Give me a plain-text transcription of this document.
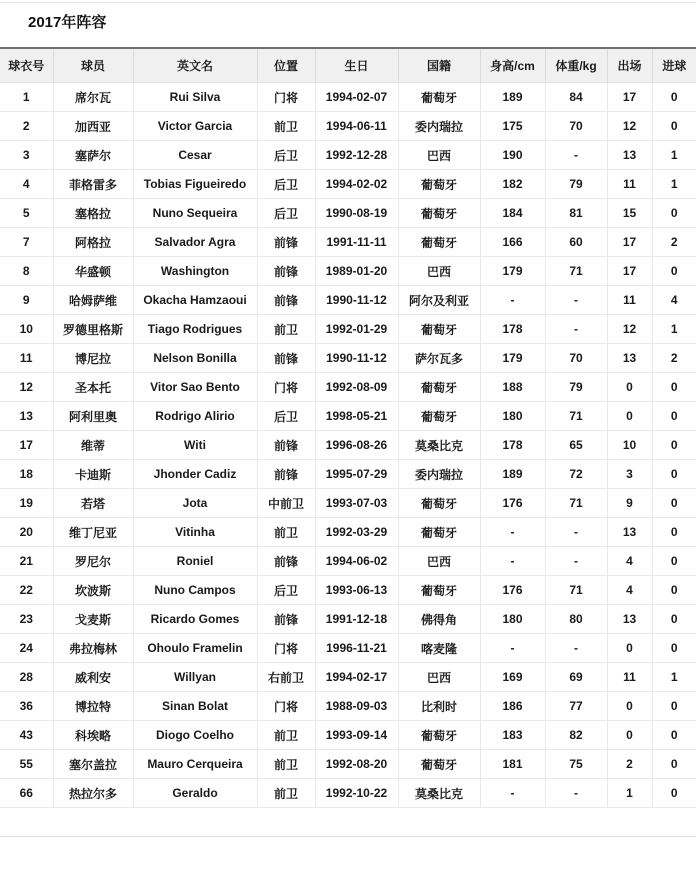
2017年阵容
球衣号	球员	英文名	位置	生日	国籍	身高/cm	体重/kg	出场	进球
1	席尔瓦	Rui Silva	门将	1994-02-07	葡萄牙	189	84	17	0
2	加西亚	Victor Garcia	前卫	1994-06-11	委内瑞拉	175	70	12	0
3	塞萨尔	Cesar	后卫	1992-12-28	巴西	190	-	13	1
4	菲格雷多	Tobias Figueiredo	后卫	1994-02-02	葡萄牙	182	79	11	1
5	塞格拉	Nuno Sequeira	后卫	1990-08-19	葡萄牙	184	81	15	0
7	阿格拉	Salvador Agra	前锋	1991-11-11	葡萄牙	166	60	17	2
8	华盛顿	Washington	前锋	1989-01-20	巴西	179	71	17	0
9	哈姆萨维	Okacha Hamzaoui	前锋	1990-11-12	阿尔及利亚	-	-	11	4
10	罗德里格斯	Tiago Rodrigues	前卫	1992-01-29	葡萄牙	178	-	12	1
11	博尼拉	Nelson Bonilla	前锋	1990-11-12	萨尔瓦多	179	70	13	2
12	圣本托	Vitor Sao Bento	门将	1992-08-09	葡萄牙	188	79	0	0
13	阿利里奥	Rodrigo Alirio	后卫	1998-05-21	葡萄牙	180	71	0	0
17	维蒂	Witi	前锋	1996-08-26	莫桑比克	178	65	10	0
18	卡迪斯	Jhonder Cadiz	前锋	1995-07-29	委内瑞拉	189	72	3	0
19	若塔	Jota	中前卫	1993-07-03	葡萄牙	176	71	9	0
20	维丁尼亚	Vitinha	前卫	1992-03-29	葡萄牙	-	-	13	0
21	罗尼尔	Roniel	前锋	1994-06-02	巴西	-	-	4	0
22	坎波斯	Nuno Campos	后卫	1993-06-13	葡萄牙	176	71	4	0
23	戈麦斯	Ricardo Gomes	前锋	1991-12-18	佛得角	180	80	13	0
24	弗拉梅林	Ohoulo Framelin	门将	1996-11-21	喀麦隆	-	-	0	0
28	威利安	Willyan	右前卫	1994-02-17	巴西	169	69	11	1
36	博拉特	Sinan Bolat	门将	1988-09-03	比利时	186	77	0	0
43	科埃略	Diogo Coelho	前卫	1993-09-14	葡萄牙	183	82	0	0
55	塞尔盖拉	Mauro Cerqueira	前卫	1992-08-20	葡萄牙	181	75	2	0
66	热拉尔多	Geraldo	前卫	1992-10-22	莫桑比克	-	-	1	0
